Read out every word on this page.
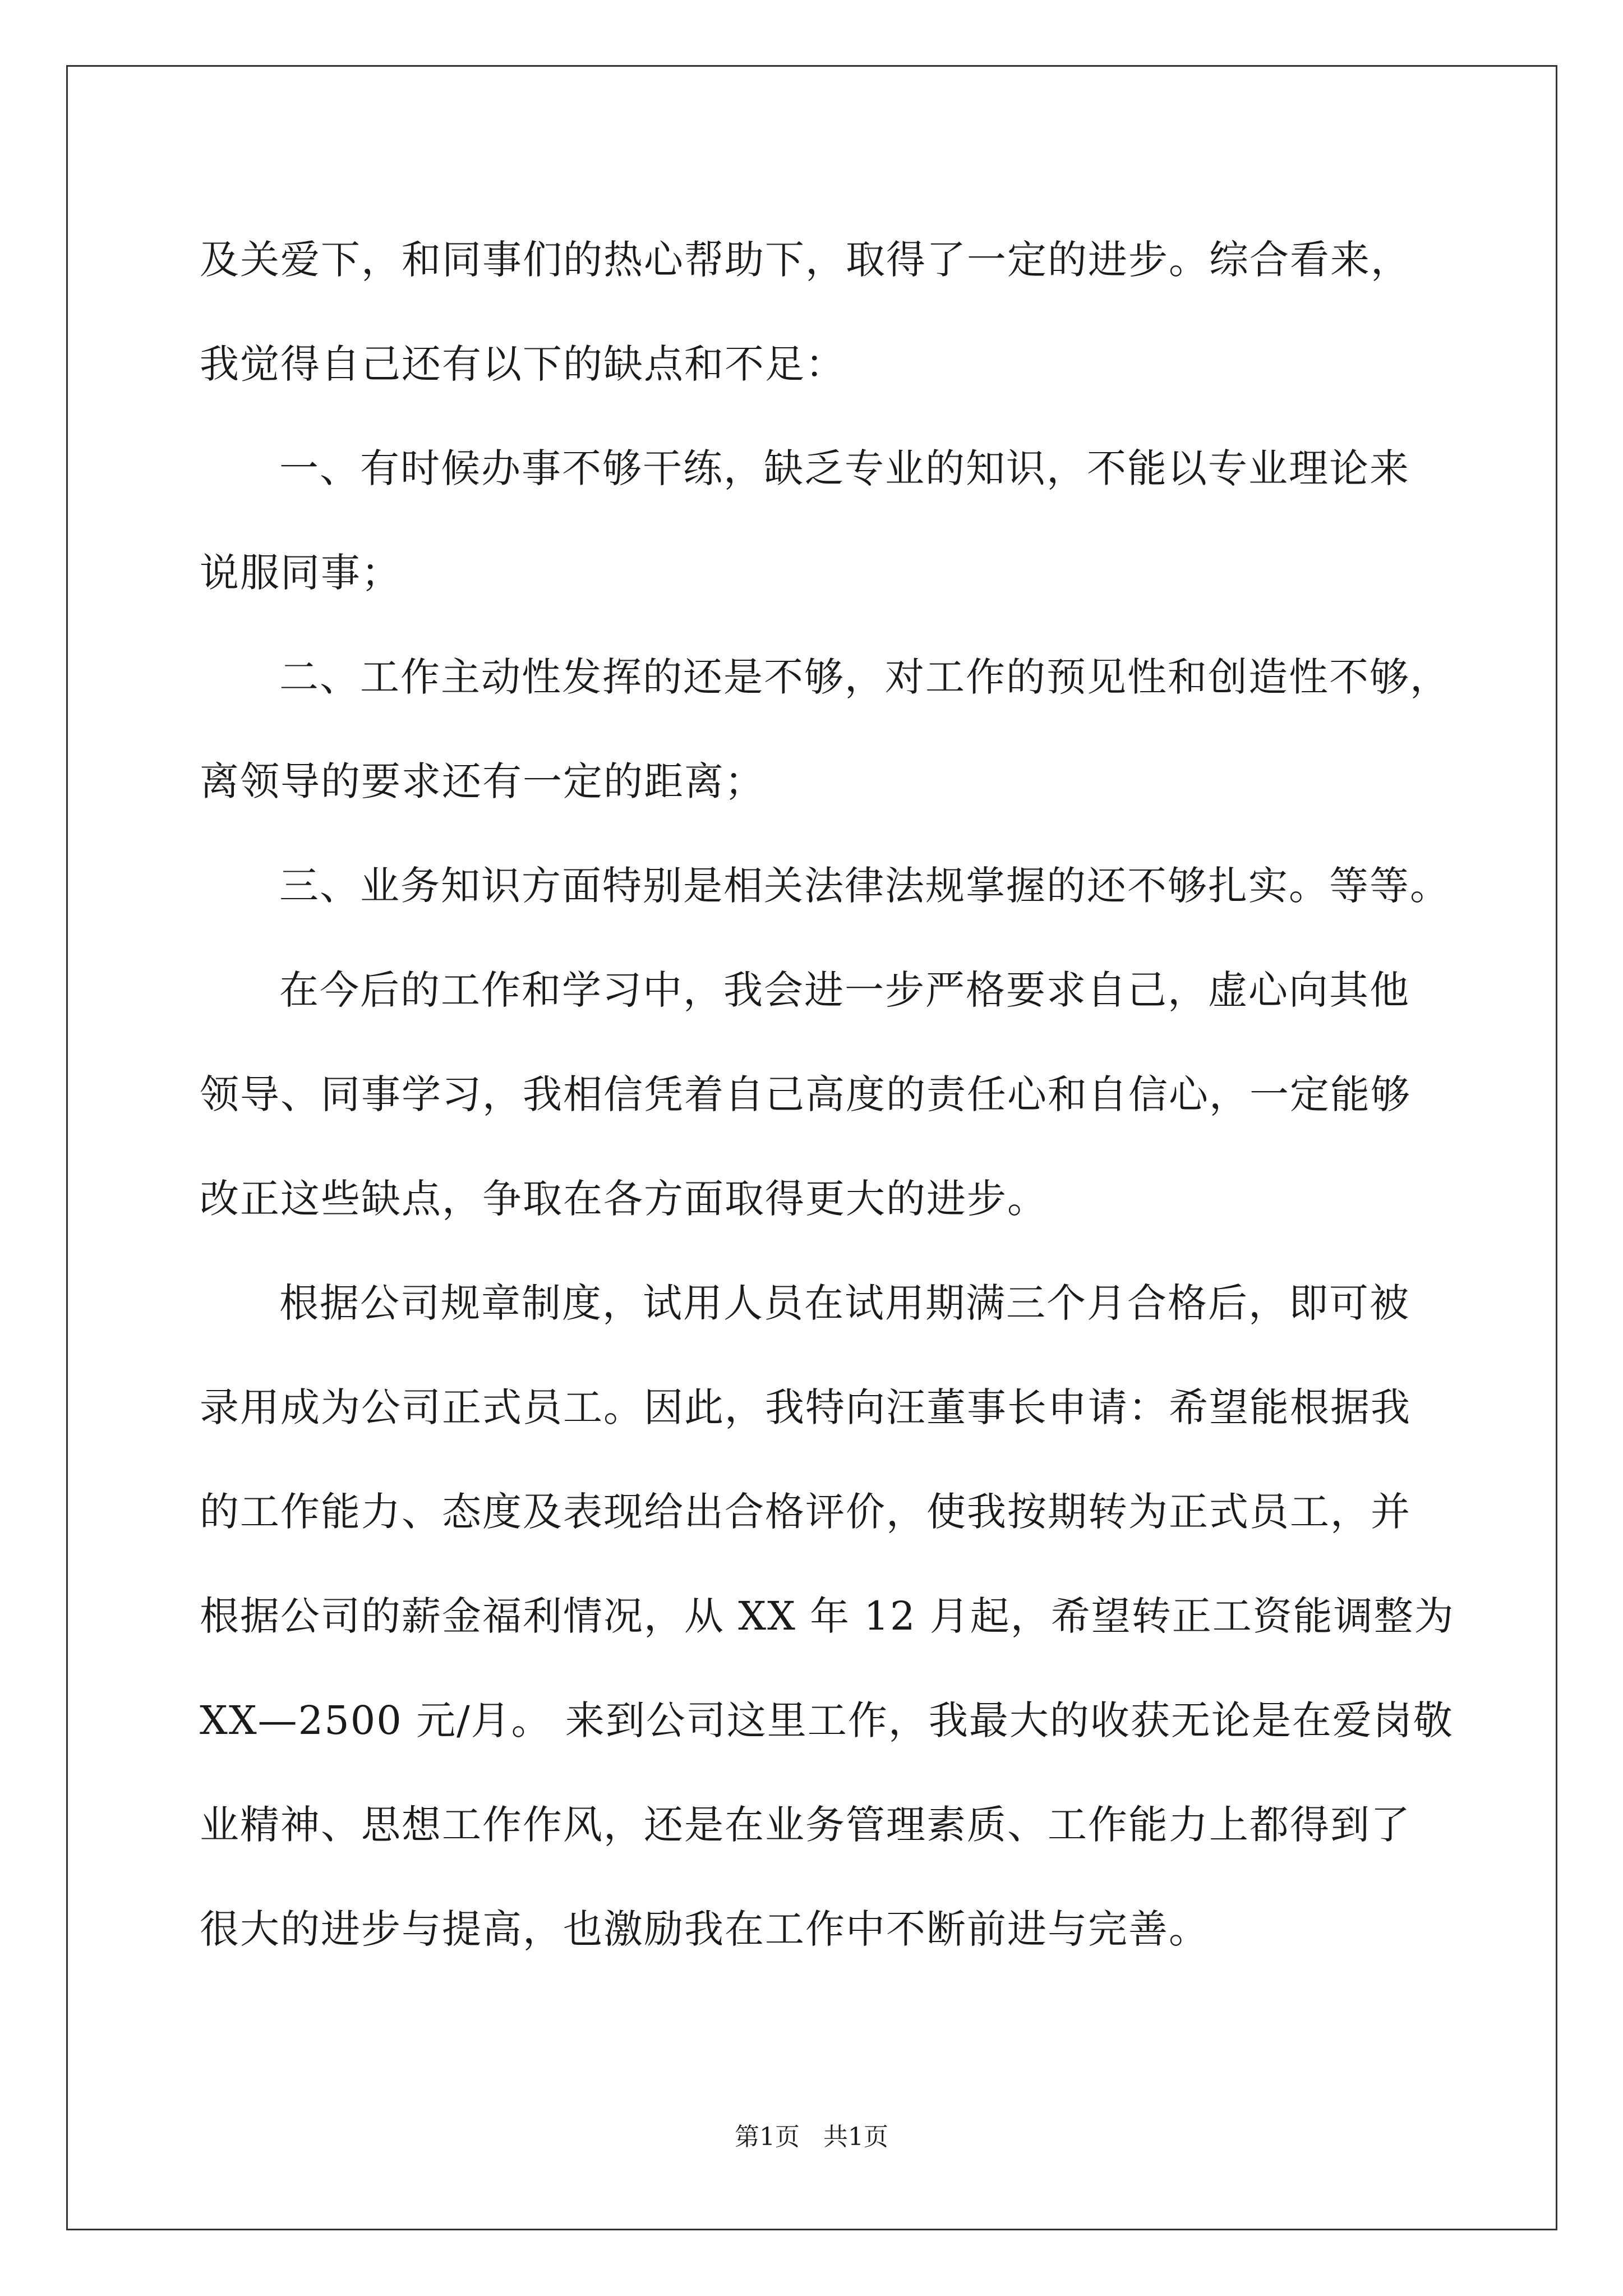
及关爱下，和同事们的热心帮助下，取得了一定的进步。综合看来，
我觉得自己还有以下的缺点和不足：
一、有时候办事不够干练，缺乏专业的知识，不能以专业理论来
说服同事；
二、工作主动性发挥的还是不够，对工作的预见性和创造性不够，
离领导的要求还有一定的距离；
三、业务知识方面特别是相关法律法规掌握的还不够扎实。等等。
在今后的工作和学习中，我会进一步严格要求自己，虚心向其他
领导、同事学习，我相信凭着自己高度的责任心和自信心，一定能够
改正这些缺点，争取在各方面取得更大的进步。
根据公司规章制度，试用人员在试用期满三个月合格后，即可被
录用成为公司正式员工。因此，我特向汪董事长申请：希望能根据我
的工作能力、态度及表现给出合格评价，使我按期转为正式员工，并
根据公司的薪金福利情况，从 XX 年 12 月起，希望转正工资能调整为
XX—2500 元/月。 来到公司这里工作，我最大的收获无论是在爱岗敬
业精神、思想工作作风，还是在业务管理素质、工作能力上都得到了
很大的进步与提高，也激励我在工作中不断前进与完善。
第1页   共1页
